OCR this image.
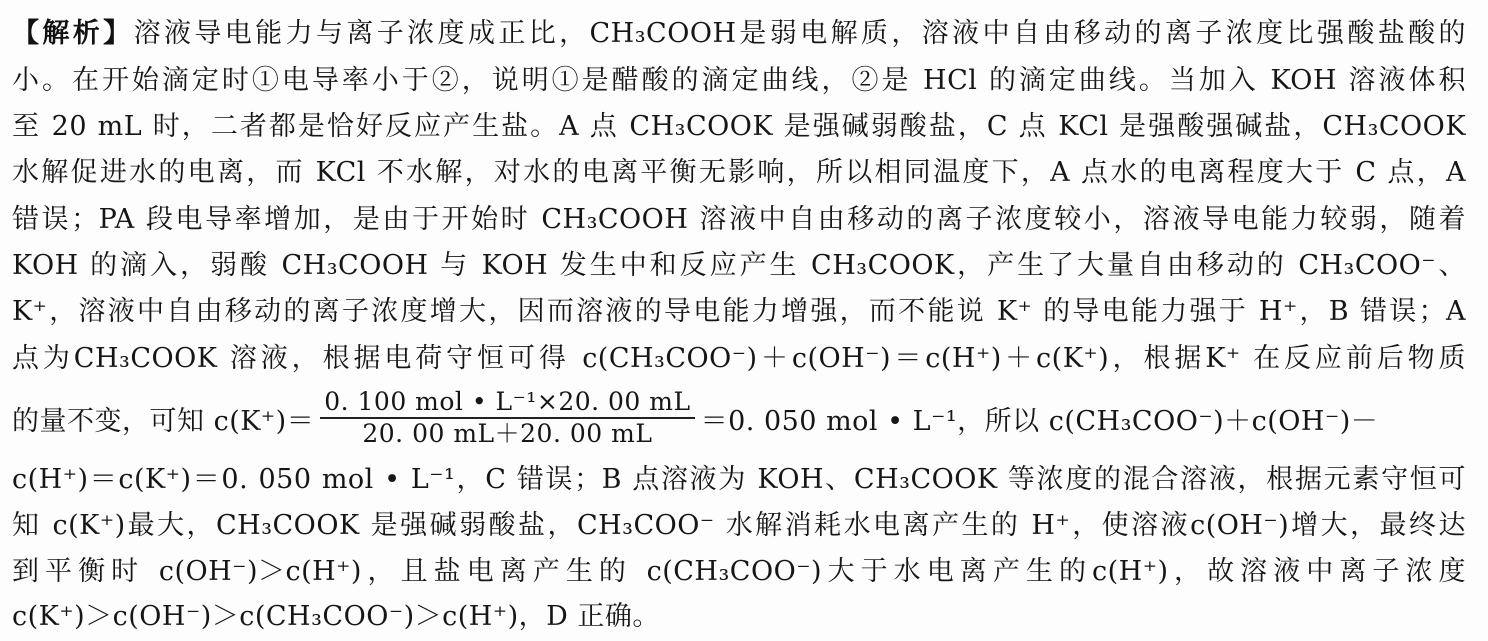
【解析】溶液导电能力与离子浓度成正比，CH₃COOH是弱电解质，溶液中自由移动的离子浓度比强酸盐酸的
小。在开始滴定时①电导率小于②，说明①是醋酸的滴定曲线，②是 HCl 的滴定曲线。当加入 KOH 溶液体积
至 20 mL 时，二者都是恰好反应产生盐。A 点 CH₃COOK 是强碱弱酸盐，C 点 KCl 是强酸强碱盐，CH₃COOK
水解促进水的电离，而 KCl 不水解，对水的电离平衡无影响，所以相同温度下，A 点水的电离程度大于 C 点，A
错误；PA 段电导率增加，是由于开始时 CH₃COOH 溶液中自由移动的离子浓度较小，溶液导电能力较弱，随着
KOH 的滴入，弱酸 CH₃COOH 与 KOH 发生中和反应产生 CH₃COOK，产生了大量自由移动的 CH₃COO⁻、
K⁺，溶液中自由移动的离子浓度增大，因而溶液的导电能力增强，而不能说 K⁺ 的导电能力强于 H⁺，B 错误；A
点为CH₃COOK 溶液，根据电荷守恒可得 c(CH₃COO⁻)＋c(OH⁻)＝c(H⁺)＋c(K⁺)，根据K⁺ 在反应前后物质
的量不变，可知 $c(K^+)= \frac{\text{0. 100 mol • L⁻¹×20. 00 mL}}{20. 00 mL+20. 00 mL} =0$. 050 mol • L⁻¹，所以 c(CH₃COO⁻)＋c(OH⁻)－
c(H⁺)＝c(K⁺)＝0. 050 mol • L⁻¹，C 错误；B 点溶液为 KOH、CH₃COOK 等浓度的混合溶液，根据元素守恒可
知 c(K⁺)最大，CH₃COOK 是强碱弱酸盐，CH₃COO⁻ 水解消耗水电离产生的 H⁺，使溶液c(OH⁻)增大，最终达
到平衡时 c(OH⁻)＞c(H⁺)，且盐电离产生的 c(CH₃COO⁻)大于水电离产生的c(H⁺)，故溶液中离子浓度
c(K⁺)＞c(OH⁻)＞c(CH₃COO⁻)＞c(H⁺)，D 正确。
